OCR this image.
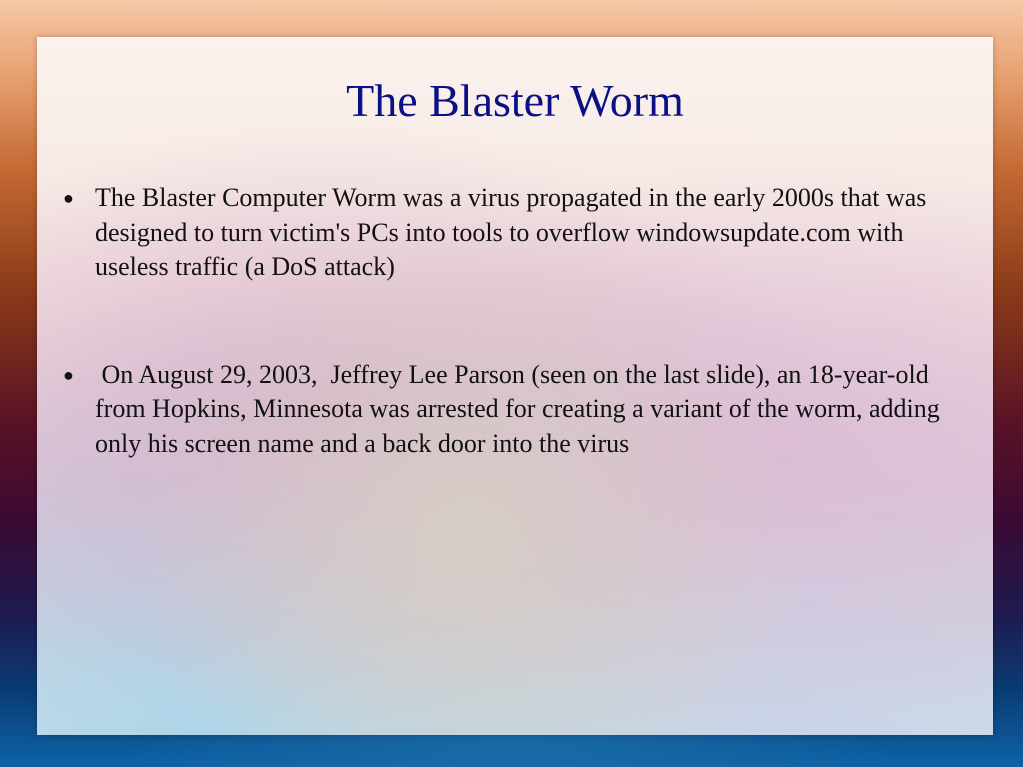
The Blaster Worm
● The Blaster Computer Worm was a virus propagated in the early 2000s that was designed to turn victim's PCs into tools to overflow windowsupdate.com with useless traffic (a DoS attack)
● On August 29, 2003,  Jeffrey Lee Parson (seen on the last slide), an 18-year-old from Hopkins, Minnesota was arrested for creating a variant of the worm, adding only his screen name and a back door into the virus
